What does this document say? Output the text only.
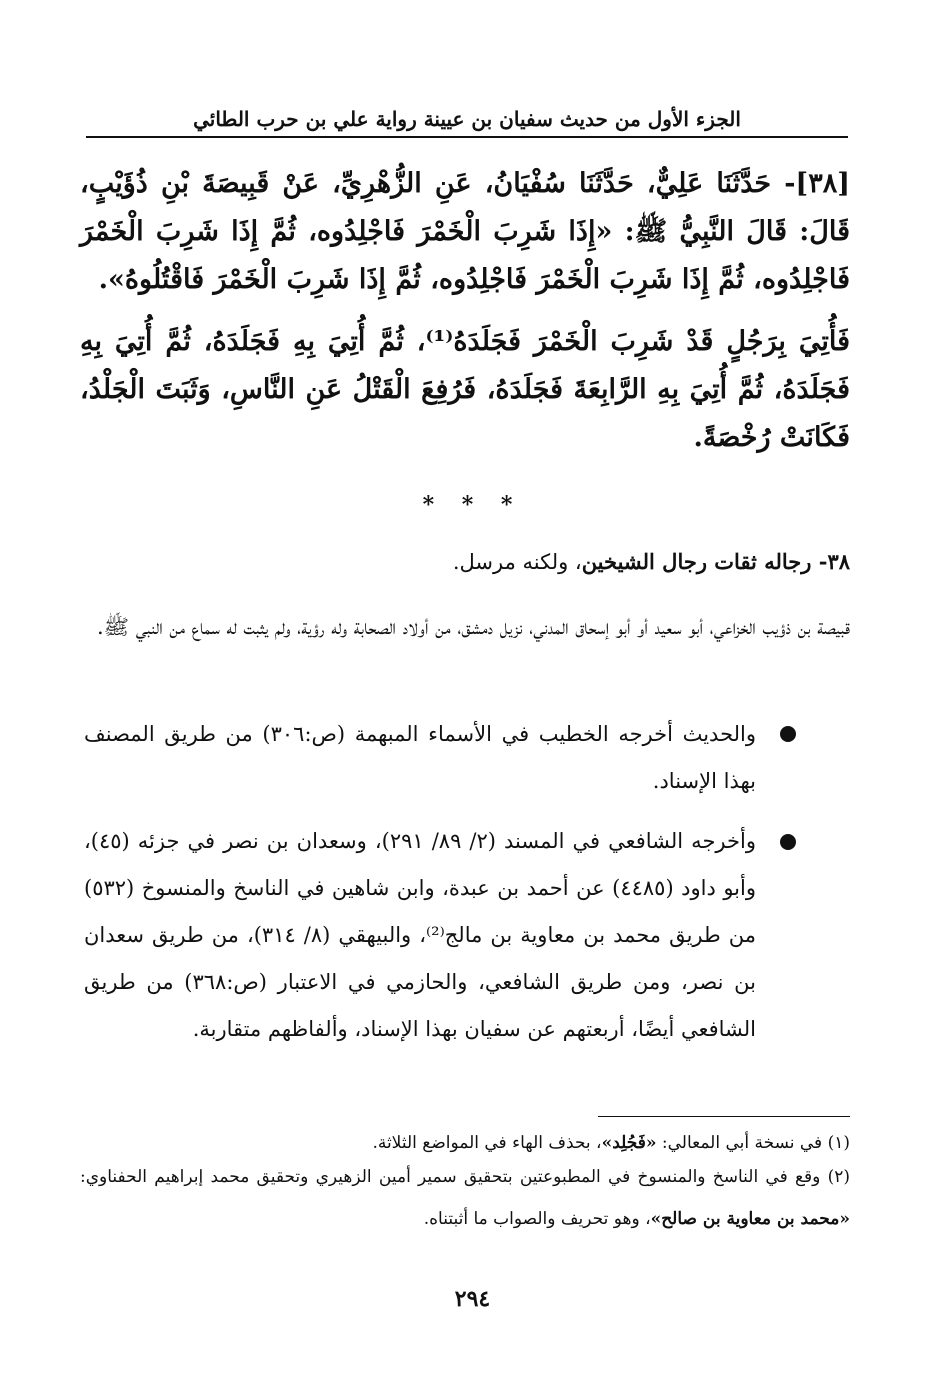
الجزء الأول من حديث سفيان بن عيينة رواية علي بن حرب الطائي
[٣٨]- حَدَّثَنَا عَلِيٌّ، حَدَّثَنَا سُفْيَانُ، عَنِ الزُّهْرِيِّ، عَنْ قَبِيصَةَ بْنِ ذُؤَيْبٍ، قَالَ: قَالَ النَّبِيُّ ﷺ: «إِذَا شَرِبَ الْخَمْرَ فَاجْلِدُوه، ثُمَّ إِذَا شَرِبَ الْخَمْرَ فَاجْلِدُوه، ثُمَّ إِذَا شَرِبَ الْخَمْرَ فَاجْلِدُوه، ثُمَّ إِذَا شَرِبَ الْخَمْرَ فَاقْتُلُوهُ».
فَأُتِيَ بِرَجُلٍ قَدْ شَرِبَ الْخَمْرَ فَجَلَدَهُ⁽¹⁾، ثُمَّ أُتِيَ بِهِ فَجَلَدَهُ، ثُمَّ أُتِيَ بِهِ فَجَلَدَهُ، ثُمَّ أُتِيَ بِهِ الرَّابِعَةَ فَجَلَدَهُ، فَرُفِعَ الْقَتْلُ عَنِ النَّاسِ، وَثَبَتَ الْجَلْدُ، فَكَانَتْ رُخْصَةً.
* * *
٣٨- رجاله ثقات رجال الشيخين، ولكنه مرسل.
قبيصة بن ذؤيب الخزاعي، أبو سعيد أو أبو إسحاق المدني، نزيل دمشق، من أولاد الصحابة وله رؤية، ولم يثبت له سماع من النبي ﷺ.
والحديث أخرجه الخطيب في الأسماء المبهمة (ص:٣٠٦) من طريق المصنف بهذا الإسناد.
وأخرجه الشافعي في المسند (٢/ ٨٩/ ٢٩١)، وسعدان بن نصر في جزئه (٤٥)، وأبو داود (٤٤٨٥) عن أحمد بن عبدة، وابن شاهين في الناسخ والمنسوخ (٥٣٢) من طريق محمد بن معاوية بن مالج⁽²⁾، والبيهقي (٨/ ٣١٤)، من طريق سعدان بن نصر، ومن طريق الشافعي، والحازمي في الاعتبار (ص:٣٦٨) من طريق الشافعي أيضًا، أربعتهم عن سفيان بهذا الإسناد، وألفاظهم متقاربة.
(١) في نسخة أبي المعالي: «فَجُلِد»، بحذف الهاء في المواضع الثلاثة.
(٢) وقع في الناسخ والمنسوخ في المطبوعتين بتحقيق سمير أمين الزهيري وتحقيق محمد إبراهيم الحفناوي: «محمد بن معاوية بن صالح»، وهو تحريف والصواب ما أثبتناه.
٢٩٤
